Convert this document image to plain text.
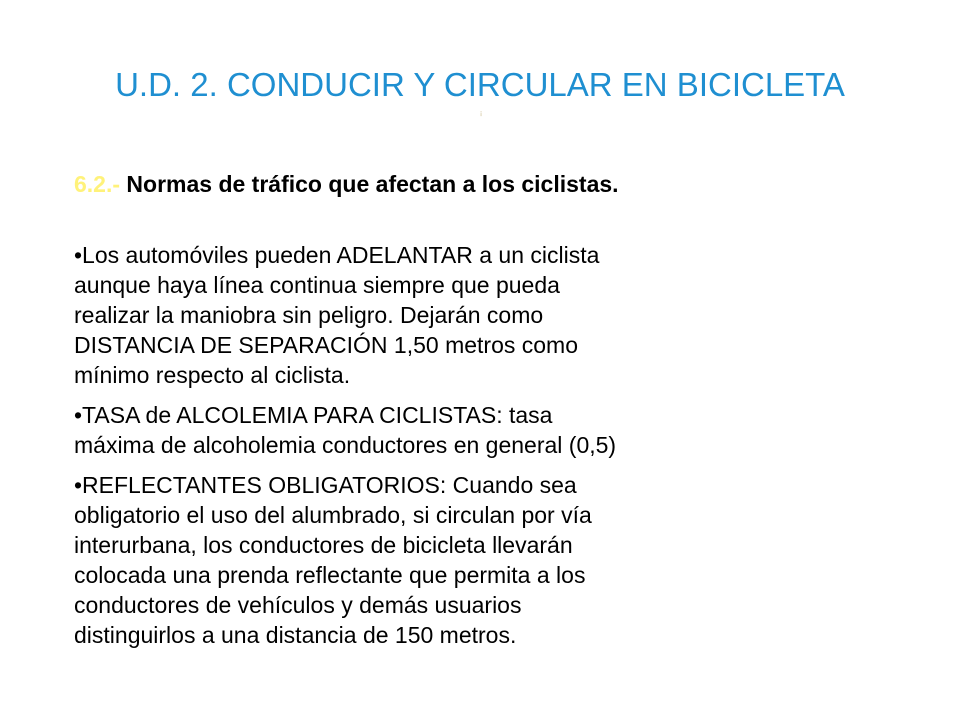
U.D. 2. CONDUCIR Y CIRCULAR EN BICICLETA
¡
6.2.- Normas de tráfico que afectan a los ciclistas.
•Los automóviles pueden ADELANTAR a un ciclista
aunque haya línea continua siempre que pueda
realizar la maniobra sin peligro. Dejarán como
DISTANCIA DE SEPARACIÓN 1,50 metros como
mínimo respecto al ciclista.
•TASA de ALCOLEMIA PARA CICLISTAS: tasa
máxima de alcoholemia conductores en general (0,5)
•REFLECTANTES OBLIGATORIOS: Cuando sea
obligatorio el uso del alumbrado, si circulan por vía
interurbana, los conductores de bicicleta llevarán
colocada una prenda reflectante que permita a los
conductores de vehículos y demás usuarios
distinguirlos a una distancia de 150 metros.
